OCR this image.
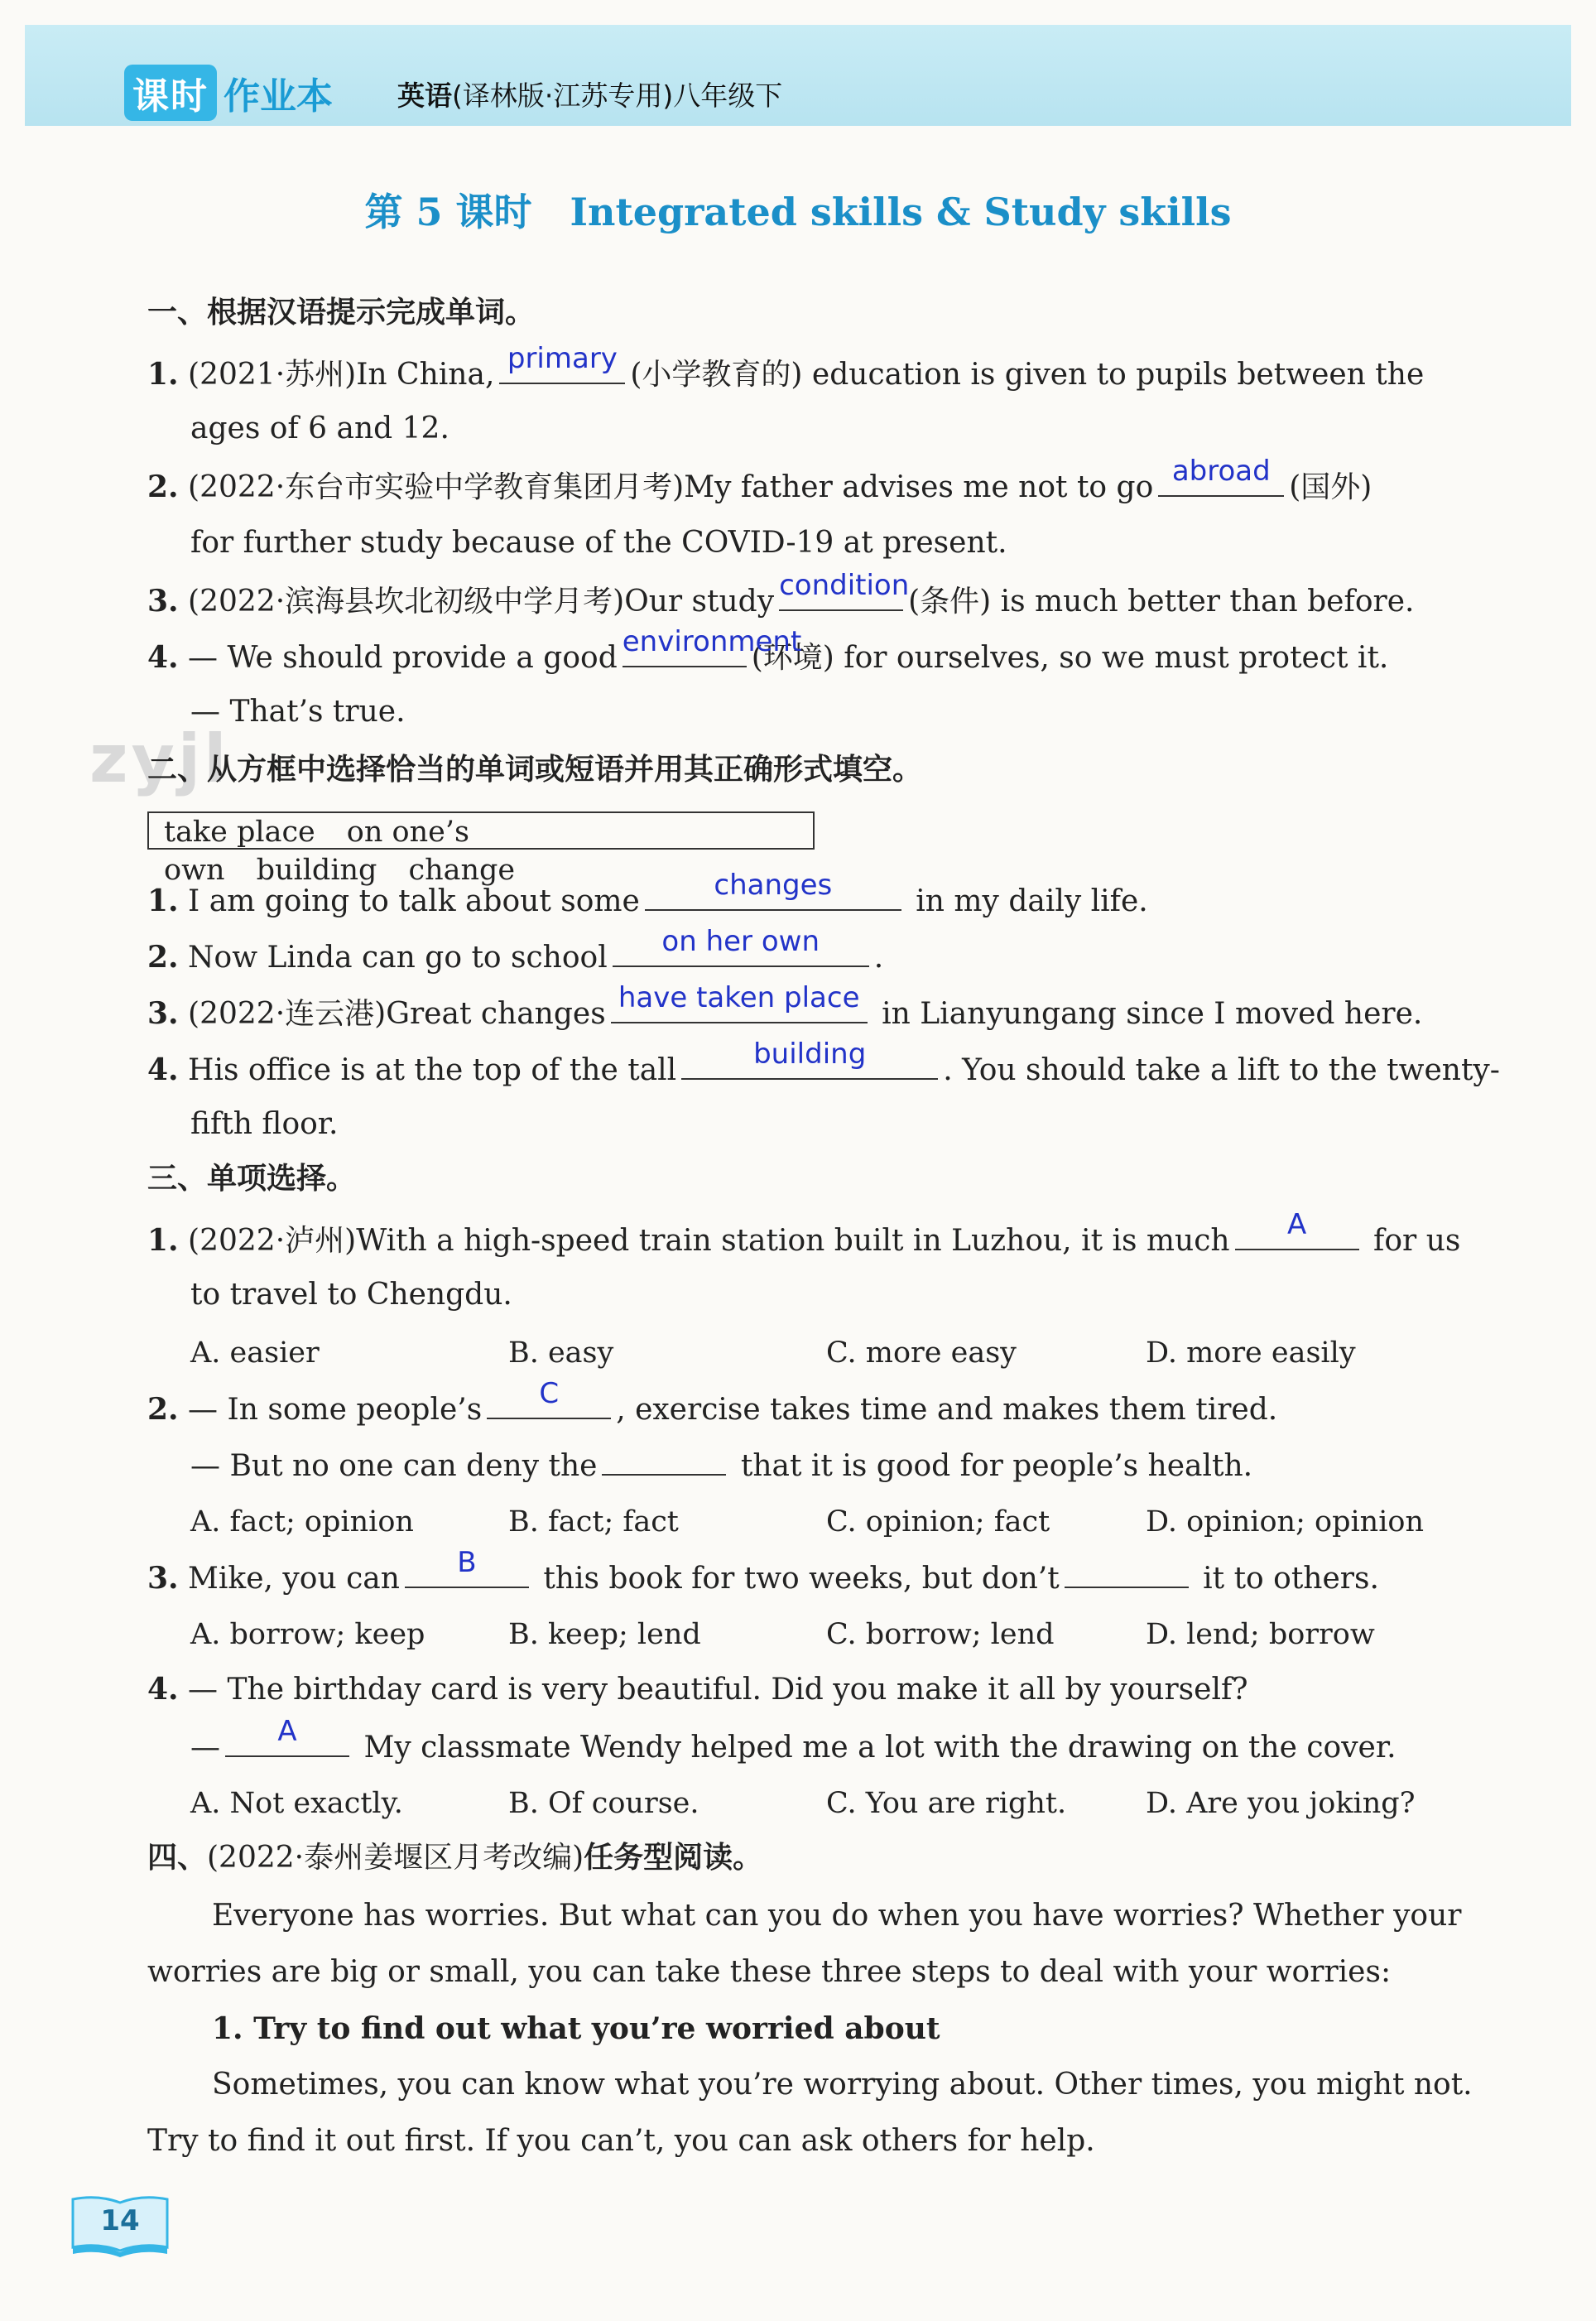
课时 作业本 英语(译林版·江苏专用)八年级下
第 5 课时　Integrated skills & Study skills
一、根据汉语提示完成单词。
1. (2021·苏州)In China, primary (小学教育的) education is given to pupils between the
ages of 6 and 12.
2. (2022·东台市实验中学教育集团月考)My father advises me not to go abroad (国外)
for further study because of the COVID-19 at present.
3. (2022·滨海县坎北初级中学月考)Our study condition
(条件) is much better than before.
4. — We should provide a good environment
(环境) for ourselves, so we must protect it.
— That’s true.
zyjl
二、从方框中选择恰当的单词或短语并用其正确形式填空。
take place on one’s own building change
1. I am going to talk about some	changes	in my daily life.
2. Now Linda can go to school	on her own	.
3. (2022·连云港)Great changes have taken place in Lianyungang since I moved here.
4. His office is at the top of the tall	building	. You should take a lift to the twenty-
fifth floor.
三、单项选择。
1. (2022·泸州)With a high-speed train station built in Luzhou, it is much	A	for us
to travel to Chengdu.
A. easier	B. easy	C. more easy	D. more easily
2. — In some people’s	C	, exercise takes time and makes them tired.
— But no one can deny the	that it is good for people’s health.
A. fact; opinion	B. fact; fact	C. opinion; fact	D. opinion; opinion
3. Mike, you can	B	this book for two weeks, but don’t	it to others.
A. borrow; keep	B. keep; lend	C. borrow; lend	D. lend; borrow
4. — The birthday card is very beautiful. Did you make it all by yourself?
—	A	My classmate Wendy helped me a lot with the drawing on the cover.
A. Not exactly.	B. Of course.	C. You are right.	D. Are you joking?
四、(2022·泰州姜堰区月考改编)任务型阅读。
Everyone has worries. But what can you do when you have worries? Whether your
worries are big or small, you can take these three steps to deal with your worries:
1. Try to find out what you’re worried about
Sometimes, you can know what you’re worrying about. Other times, you might not.
Try to find it out first. If you can’t, you can ask others for help.
14
